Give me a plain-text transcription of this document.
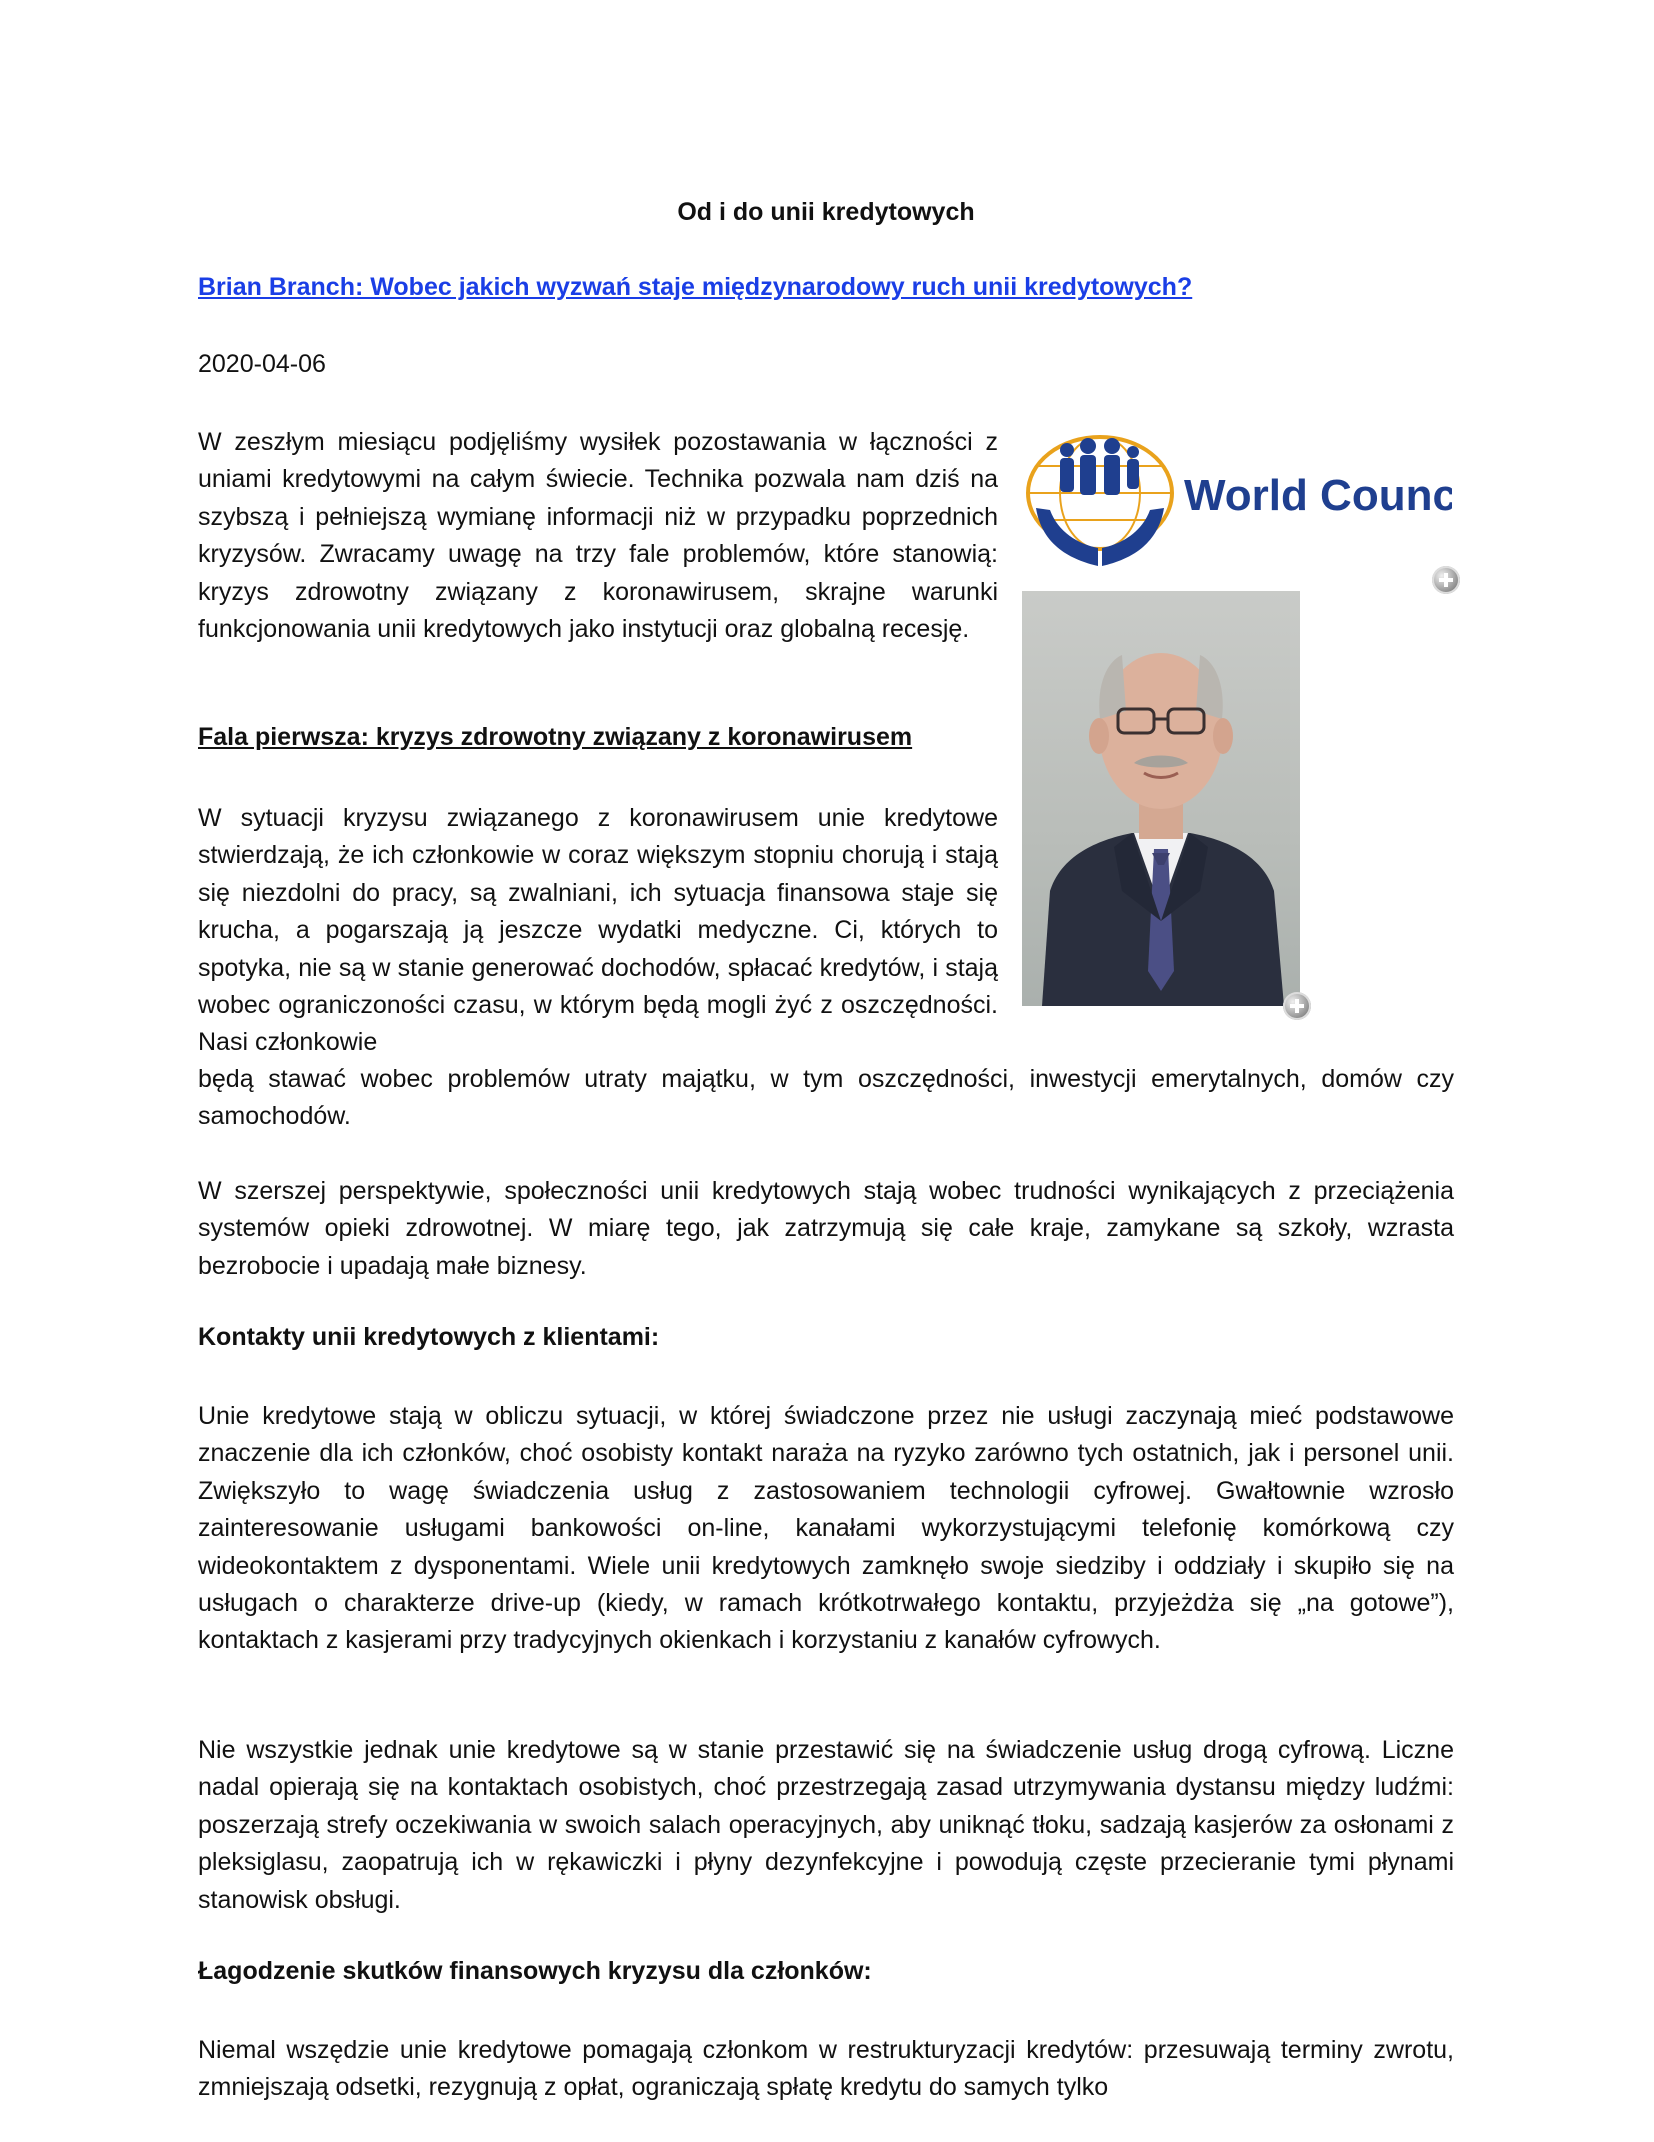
Od i do unii kredytowych
Brian Branch: Wobec jakich wyzwań staje międzynarodowy ruch unii kredytowych?
2020-04-06
W zeszłym miesiącu podjęliśmy wysiłek pozostawania w łączności z uniami kredytowymi na całym świecie. Technika pozwala nam dziś na szybszą i pełniejszą wymianę informacji niż w przypadku poprzednich kryzysów. Zwracamy uwagę na trzy fale problemów, które stanowią: kryzys zdrowotny związany z koronawirusem, skrajne warunki funkcjonowania unii kredytowych jako instytucji oraz globalną recesję.
Fala pierwsza: kryzys zdrowotny związany z koronawirusem
W sytuacji kryzysu związanego z koronawirusem unie kredytowe stwierdzają, że ich członkowie w coraz większym stopniu chorują i stają się niezdolni do pracy, są zwalniani, ich sytuacja finansowa staje się krucha, a pogarszają ją jeszcze wydatki medyczne. Ci, których to spotyka, nie są w stanie generować dochodów, spłacać kredytów, i stają wobec ograniczoności czasu, w którym będą mogli żyć z oszczędności. Nasi członkowie
będą stawać wobec problemów utraty majątku, w tym oszczędności, inwestycji emerytalnych, domów czy samochodów.
W szerszej perspektywie, społeczności unii kredytowych stają wobec trudności wynikających z przeciążenia systemów opieki zdrowotnej. W miarę tego, jak zatrzymują się całe kraje, zamykane są szkoły, wzrasta bezrobocie i upadają małe biznesy.
Kontakty unii kredytowych z klientami:
Unie kredytowe stają w obliczu sytuacji, w której świadczone przez nie usługi zaczynają mieć podstawowe znaczenie dla ich członków, choć osobisty kontakt naraża na ryzyko zarówno tych ostatnich, jak i personel unii. Zwiększyło to wagę świadczenia usług z zastosowaniem technologii cyfrowej. Gwałtownie wzrosło zainteresowanie usługami bankowości on-line, kanałami wykorzystującymi telefonię komórkową czy wideokontaktem z dysponentami. Wiele unii kredytowych zamknęło swoje siedziby i oddziały i skupiło się na usługach o charakterze drive-up (kiedy, w ramach krótkotrwałego kontaktu, przyjeżdża się „na gotowe”), kontaktach z kasjerami przy tradycyjnych okienkach i korzystaniu z kanałów cyfrowych.
Nie wszystkie jednak unie kredytowe są w stanie przestawić się na świadczenie usług drogą cyfrową. Liczne nadal opierają się na kontaktach osobistych, choć przestrzegają zasad utrzymywania dystansu między ludźmi: poszerzają strefy oczekiwania w swoich salach operacyjnych, aby uniknąć tłoku, sadzają kasjerów za osłonami z pleksiglasu, zaopatrują ich w rękawiczki i płyny dezynfekcyjne i powodują częste przecieranie tymi płynami stanowisk obsługi.
Łagodzenie skutków finansowych kryzysu dla członków:
Niemal wszędzie unie kredytowe pomagają członkom w restrukturyzacji kredytów: przesuwają terminy zwrotu, zmniejszają odsetki, rezygnują z opłat, ograniczają spłatę kredytu do samych tylko
World Council
